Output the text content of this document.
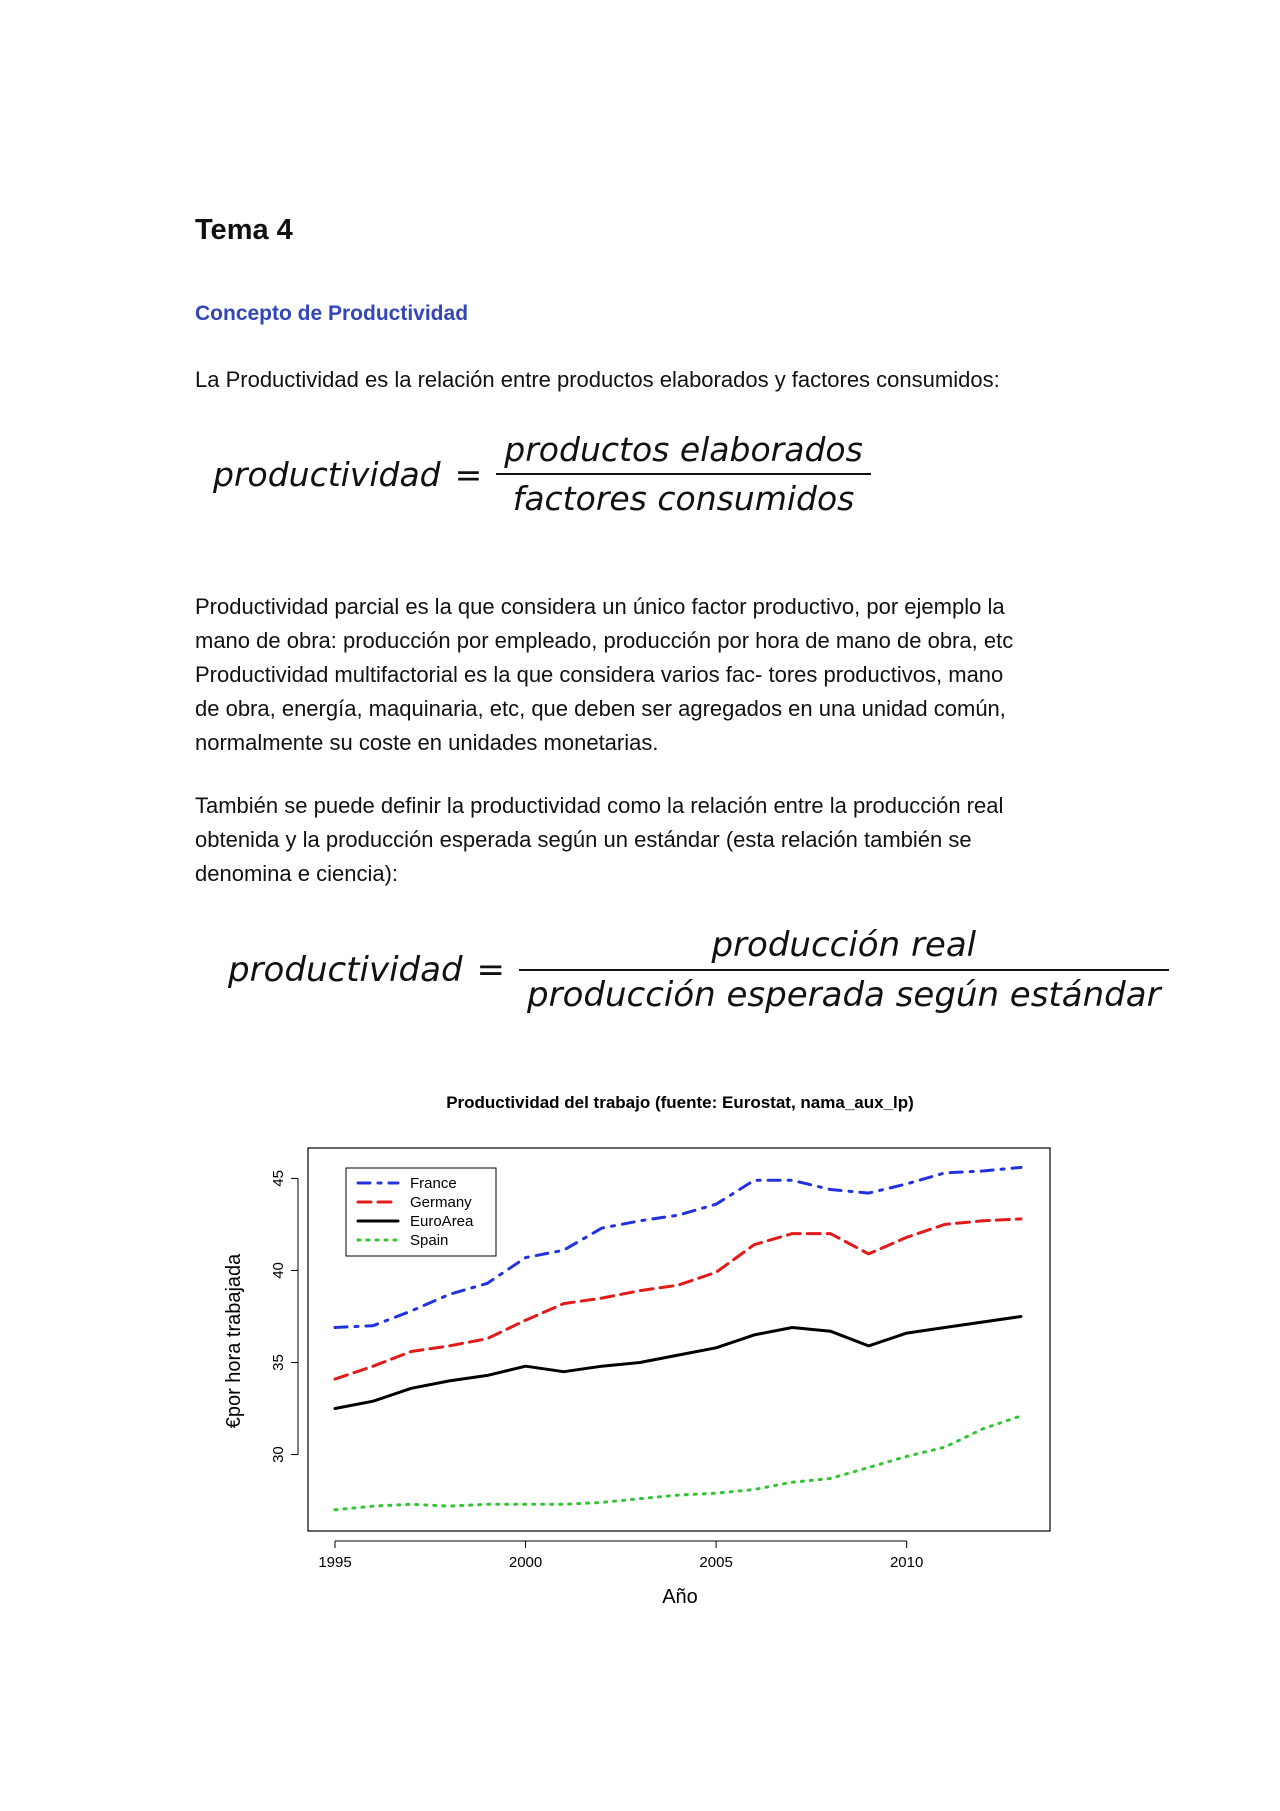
Tema 4
Concepto de Productividad

La Productividad es la relación entre productos elaborados y factores consumidos:

productividad = $\frac{\text{productos elaborados}}{\text{factores consumidos}}$
Productividad parcial es la que considera un único factor productivo, por ejemplo la
mano de obra: producción por empleado, producción por hora de mano de obra, etc
Productividad multifactorial es la que considera varios fac- tores productivos, mano
de obra, energía, maquinaria, etc, que deben ser agregados en una unidad común,
normalmente su coste en unidades monetarias.
También se puede definir la productividad como la relación entre la producción real
obtenida y la producción esperada según un estándar (esta relación también se
denomina e ciencia):
productividad = $\frac{\text{producción real}}{\text{producción esperada según estándar}}$
Productividad del trabajo (fuente: Eurostat, nama_aux_lp)
1995	2000	2005	2010
30
35
40
45	France
Germany
EuroArea
Spain
Año
€por hora trabajada
